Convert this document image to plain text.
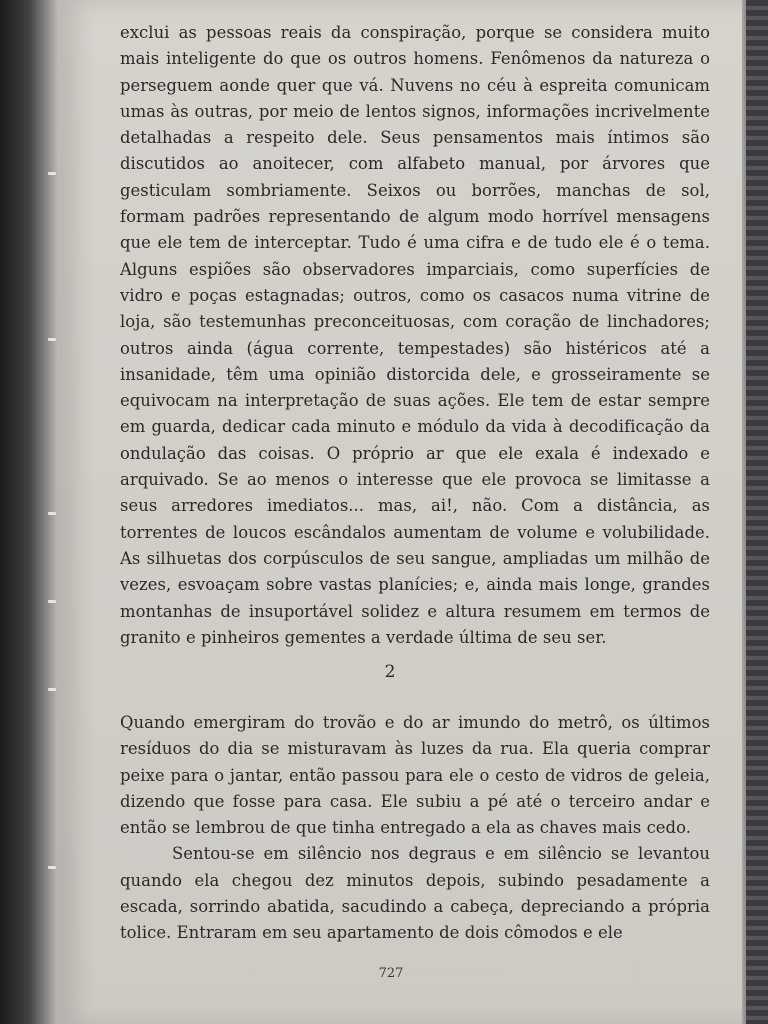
exclui as pessoas reais da conspiração, porque se considera muito mais inteligente do que os outros homens. Fenômenos da natureza o perseguem aonde quer que vá. Nuvens no céu à espreita comunicam umas às outras, por meio de lentos signos, informações incrivelmente detalhadas a respeito dele. Seus pensamentos mais íntimos são discutidos ao anoitecer, com alfabeto manual, por árvores que gesticulam sombriamente. Seixos ou borrões, manchas de sol, formam padrões representando de algum modo horrível mensagens que ele tem de interceptar. Tudo é uma cifra e de tudo ele é o tema. Alguns espiões são observadores imparciais, como superfícies de vidro e poças estagnadas; outros, como os casacos numa vitrine de loja, são testemunhas preconceituosas, com coração de linchadores; outros ainda (água corrente, tempestades) são histéricos até a insanidade, têm uma opinião distorcida dele, e grosseiramente se equivocam na interpretação de suas ações. Ele tem de estar sempre em guarda, dedicar cada minuto e módulo da vida à decodificação da ondulação das coisas. O próprio ar que ele exala é indexado e arquivado. Se ao menos o interesse que ele provoca se limitasse a seus arredores imediatos... mas, ai!, não. Com a distância, as torrentes de loucos escândalos aumentam de volume e volubilidade. As silhuetas dos corpúsculos de seu sangue, ampliadas um milhão de vezes, esvoaçam sobre vastas planícies; e, ainda mais longe, grandes montanhas de insuportável solidez e altura resumem em termos de granito e pinheiros gementes a verdade última de seu ser.

2

Quando emergiram do trovão e do ar imundo do metrô, os últimos resíduos do dia se misturavam às luzes da rua. Ela queria comprar peixe para o jantar, então passou para ele o cesto de vidros de geleia, dizendo que fosse para casa. Ele subiu a pé até o terceiro andar e então se lembrou de que tinha entregado a ela as chaves mais cedo.

Sentou-se em silêncio nos degraus e em silêncio se levantou quando ela chegou dez minutos depois, subindo pesadamente a escada, sorrindo abatida, sacudindo a cabeça, depreciando a própria tolice. Entraram em seu apartamento de dois cômodos e ele

727
